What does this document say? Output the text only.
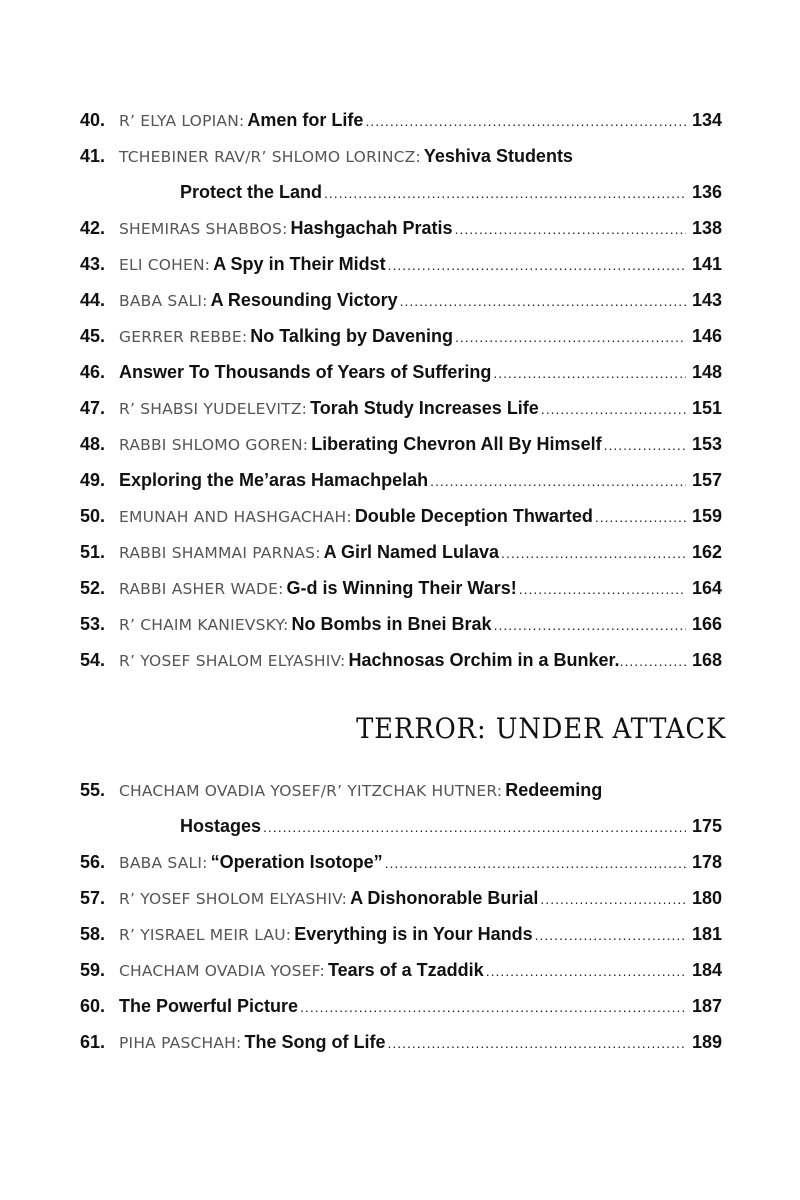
40. R’ ELYA LOPIAN: Amen for Life .....	134
41. TCHEBINER RAV/R’ SHLOMO LORINCZ: Yeshiva Students
Protect the Land .....	136
42. SHEMIRAS SHABBOS: Hashgachah Pratis .....	138
43. ELI COHEN: A Spy in Their Midst .....	141
44. BABA SALI: A Resounding Victory .....	143
45. GERRER REBBE: No Talking by Davening .....	146
46. Answer To Thousands of Years of Suffering .....	148
47. R’ SHABSI YUDELEVITZ: Torah Study Increases Life .....	151
48. RABBI SHLOMO GOREN: Liberating Chevron All By Himself .....	153
49. Exploring the Me’aras Hamachpelah .....	157
50. EMUNAH AND HASHGACHAH: Double Deception Thwarted .....	159
51. RABBI SHAMMAI PARNAS: A Girl Named Lulava .....	162
52. RABBI ASHER WADE: G-d is Winning Their Wars! .....	164
53. R’ CHAIM KANIEVSKY: No Bombs in Bnei Brak .....	166
54. R’ YOSEF SHALOM ELYASHIV: Hachnosas Orchim in a Bunker. .....	168
TERROR: UNDER ATTACK
55. CHACHAM OVADIA YOSEF/R’ YITZCHAK HUTNER: Redeeming
Hostages .....	175
56. BABA SALI: “Operation Isotope” .....	178
57. R’ YOSEF SHOLOM ELYASHIV: A Dishonorable Burial .....	180
58. R’ YISRAEL MEIR LAU: Everything is in Your Hands .....	181
59. CHACHAM OVADIA YOSEF: Tears of a Tzaddik .....	184
60. The Powerful Picture .....	187
61. PIHA PASCHAH: The Song of Life .....	189
